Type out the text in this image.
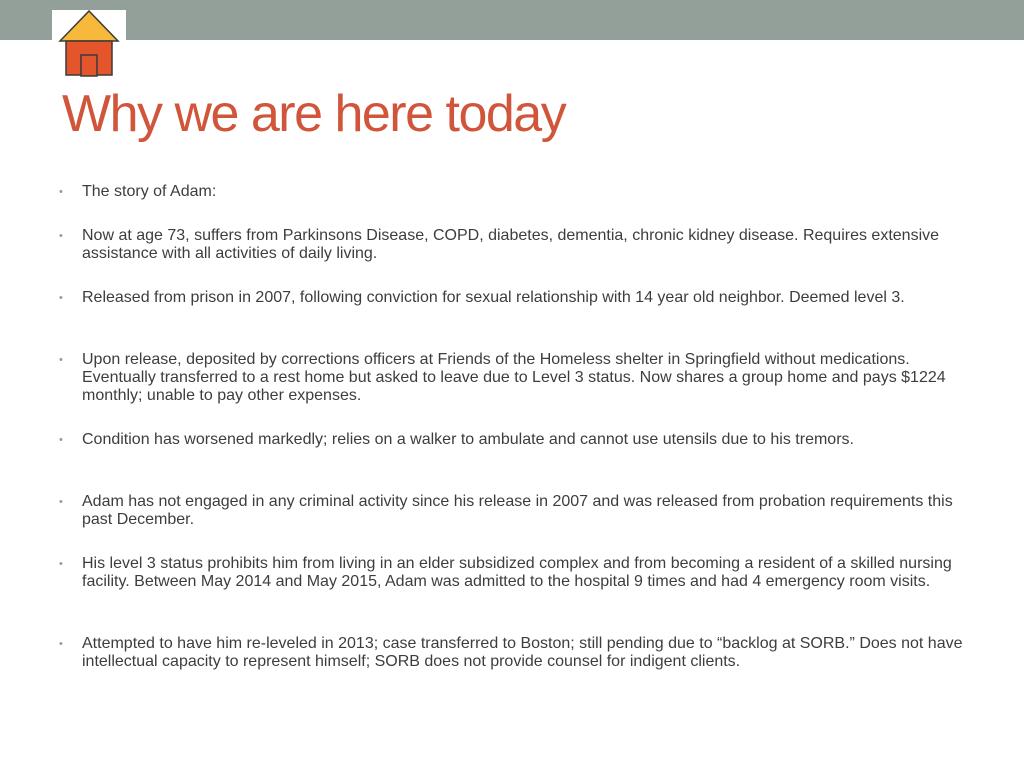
Why we are here today
• The story of Adam:
• Now at age 73, suffers from Parkinsons Disease, COPD, diabetes, dementia, chronic kidney disease. Requires extensive assistance with all activities of daily living.
• Released from prison in 2007, following conviction for sexual relationship with 14 year old neighbor. Deemed level 3.
• Upon release, deposited by corrections officers at Friends of the Homeless shelter in Springfield without medications. Eventually transferred to a rest home but asked to leave due to Level 3 status. Now shares a group home and pays $1224 monthly; unable to pay other expenses.
• Condition has worsened markedly; relies on a walker to ambulate and cannot use utensils due to his tremors.
• Adam has not engaged in any criminal activity since his release in 2007 and was released from probation requirements this past December.
• His level 3 status prohibits him from living in an elder subsidized complex and from becoming a resident of a skilled nursing facility. Between May 2014 and May 2015, Adam was admitted to the hospital 9 times and had 4 emergency room visits.
• Attempted to have him re-leveled in 2013; case transferred to Boston; still pending due to “backlog at SORB.” Does not have intellectual capacity to represent himself; SORB does not provide counsel for indigent clients.
